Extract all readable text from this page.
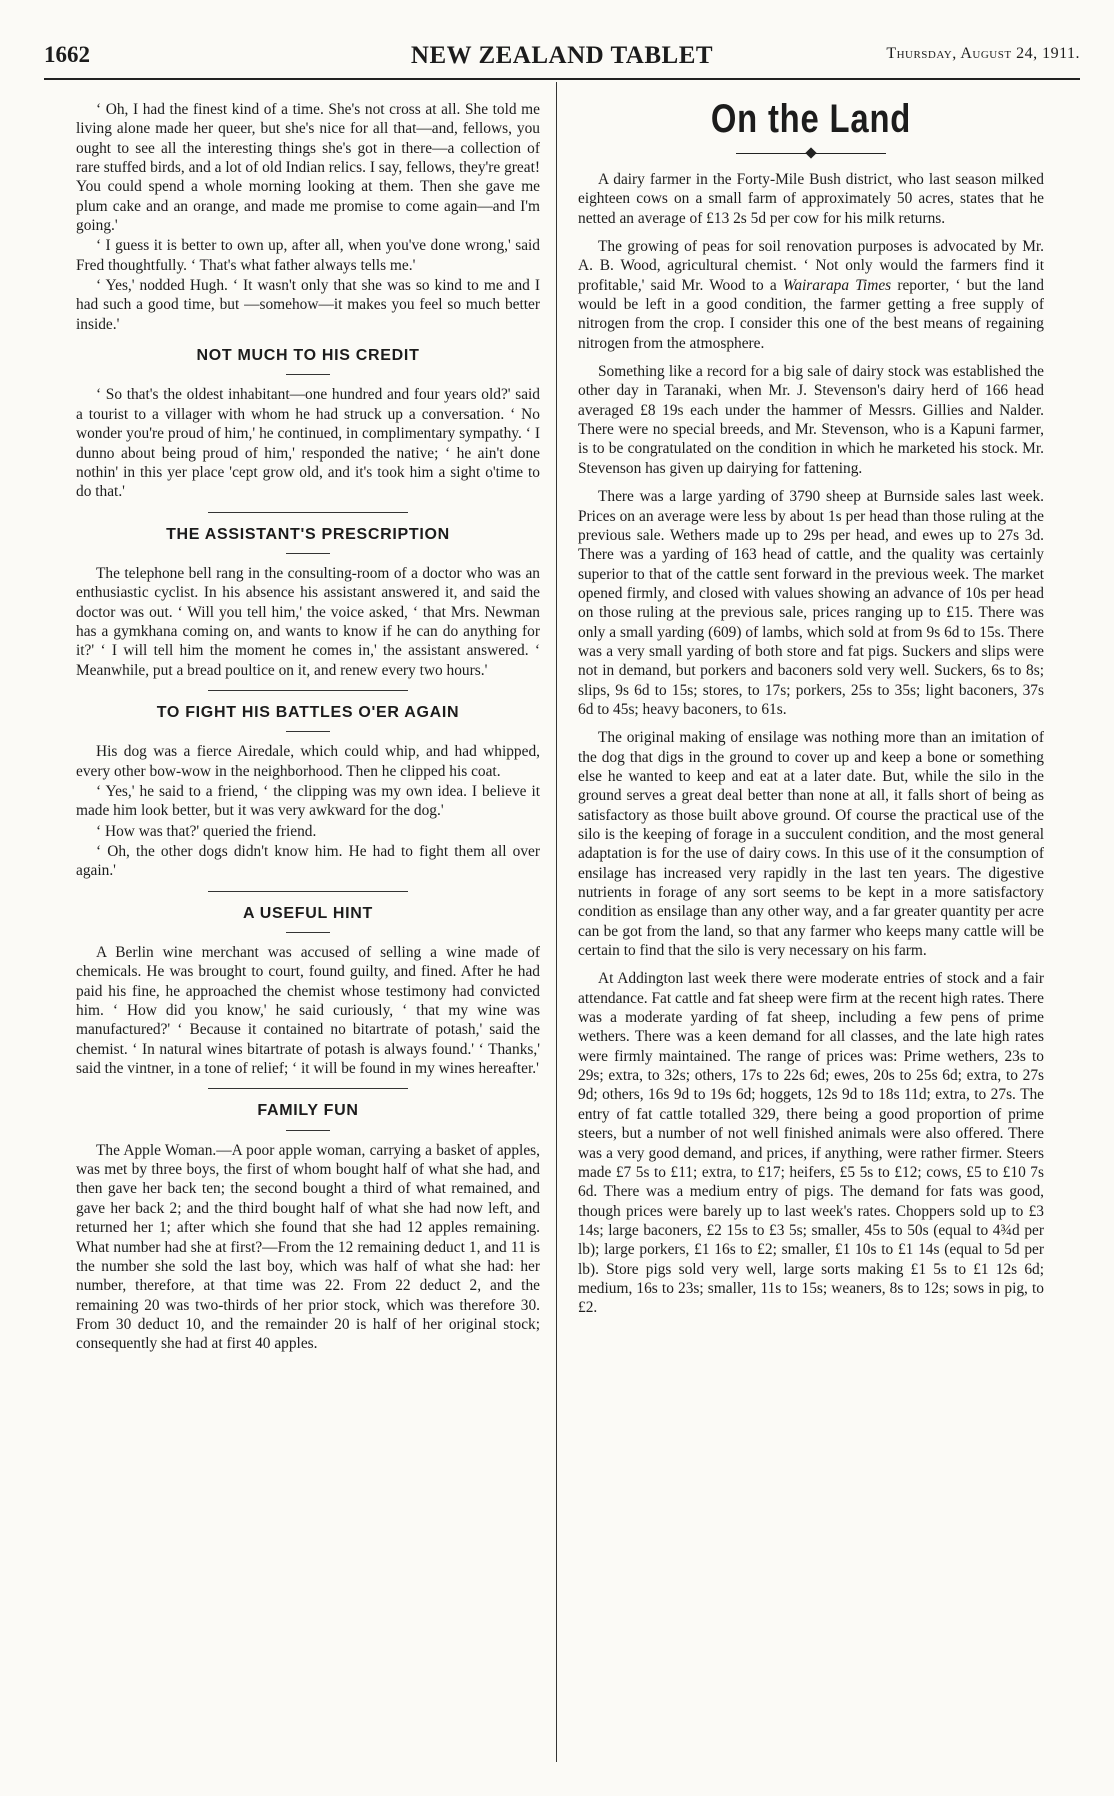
1662	NEW ZEALAND TABLET	Thursday, August 24, 1911.

‘ Oh, I had the finest kind of a time. She's not cross at all. She told me living alone made her queer, but she's nice for all that—and, fellows, you ought to see all the interesting things she's got in there—a collection of rare stuffed birds, and a lot of old Indian relics. I say, fellows, they're great! You could spend a whole morning looking at them. Then she gave me plum cake and an orange, and made me promise to come again—and I'm going.'

‘ I guess it is better to own up, after all, when you've done wrong,' said Fred thoughtfully. ‘ That's what father always tells me.'

‘ Yes,' nodded Hugh. ‘ It wasn't only that she was so kind to me and I had such a good time, but —somehow—it makes you feel so much better inside.'

NOT MUCH TO HIS CREDIT

‘ So that's the oldest inhabitant—one hundred and four years old?' said a tourist to a villager with whom he had struck up a conversation. ‘ No wonder you're proud of him,' he continued, in complimentary sympathy. ‘ I dunno about being proud of him,' responded the native; ‘ he ain't done nothin' in this yer place 'cept grow old, and it's took him a sight o'time to do that.'

THE ASSISTANT'S PRESCRIPTION

The telephone bell rang in the consulting-room of a doctor who was an enthusiastic cyclist. In his absence his assistant answered it, and said the doctor was out. ‘ Will you tell him,' the voice asked, ‘ that Mrs. Newman has a gymkhana coming on, and wants to know if he can do anything for it?' ‘ I will tell him the moment he comes in,' the assistant answered. ‘ Meanwhile, put a bread poultice on it, and renew every two hours.'

TO FIGHT HIS BATTLES O'ER AGAIN

His dog was a fierce Airedale, which could whip, and had whipped, every other bow-wow in the neighborhood. Then he clipped his coat.

‘ Yes,' he said to a friend, ‘ the clipping was my own idea. I believe it made him look better, but it was very awkward for the dog.'

‘ How was that?' queried the friend.

‘ Oh, the other dogs didn't know him. He had to fight them all over again.'

A USEFUL HINT

A Berlin wine merchant was accused of selling a wine made of chemicals. He was brought to court, found guilty, and fined. After he had paid his fine, he approached the chemist whose testimony had convicted him. ‘ How did you know,' he said curiously, ‘ that my wine was manufactured?' ‘ Because it contained no bitartrate of potash,' said the chemist. ‘ In natural wines bitartrate of potash is always found.' ‘ Thanks,' said the vintner, in a tone of relief; ‘ it will be found in my wines hereafter.'

FAMILY FUN

The Apple Woman.—A poor apple woman, carrying a basket of apples, was met by three boys, the first of whom bought half of what she had, and then gave her back ten; the second bought a third of what remained, and gave her back 2; and the third bought half of what she had now left, and returned her 1; after which she found that she had 12 apples remaining. What number had she at first?—From the 12 remaining deduct 1, and 11 is the number she sold the last boy, which was half of what she had: her number, therefore, at that time was 22. From 22 deduct 2, and the remaining 20 was two-thirds of her prior stock, which was therefore 30. From 30 deduct 10, and the remainder 20 is half of her original stock; consequently she had at first 40 apples.

On the Land

A dairy farmer in the Forty-Mile Bush district, who last season milked eighteen cows on a small farm of approximately 50 acres, states that he netted an average of £13 2s 5d per cow for his milk returns.

The growing of peas for soil renovation purposes is advocated by Mr. A. B. Wood, agricultural chemist. ‘ Not only would the farmers find it profitable,' said Mr. Wood to a Wairarapa Times reporter, ‘ but the land would be left in a good condition, the farmer getting a free supply of nitrogen from the crop. I consider this one of the best means of regaining nitrogen from the atmosphere.

Something like a record for a big sale of dairy stock was established the other day in Taranaki, when Mr. J. Stevenson's dairy herd of 166 head averaged £8 19s each under the hammer of Messrs. Gillies and Nalder. There were no special breeds, and Mr. Stevenson, who is a Kapuni farmer, is to be congratulated on the condition in which he marketed his stock. Mr. Stevenson has given up dairying for fattening.

There was a large yarding of 3790 sheep at Burnside sales last week. Prices on an average were less by about 1s per head than those ruling at the previous sale. Wethers made up to 29s per head, and ewes up to 27s 3d. There was a yarding of 163 head of cattle, and the quality was certainly superior to that of the cattle sent forward in the previous week. The market opened firmly, and closed with values showing an advance of 10s per head on those ruling at the previous sale, prices ranging up to £15. There was only a small yarding (609) of lambs, which sold at from 9s 6d to 15s. There was a very small yarding of both store and fat pigs. Suckers and slips were not in demand, but porkers and baconers sold very well. Suckers, 6s to 8s; slips, 9s 6d to 15s; stores, to 17s; porkers, 25s to 35s; light baconers, 37s 6d to 45s; heavy baconers, to 61s.

The original making of ensilage was nothing more than an imitation of the dog that digs in the ground to cover up and keep a bone or something else he wanted to keep and eat at a later date. But, while the silo in the ground serves a great deal better than none at all, it falls short of being as satisfactory as those built above ground. Of course the practical use of the silo is the keeping of forage in a succulent condition, and the most general adaptation is for the use of dairy cows. In this use of it the consumption of ensilage has increased very rapidly in the last ten years. The digestive nutrients in forage of any sort seems to be kept in a more satisfactory condition as ensilage than any other way, and a far greater quantity per acre can be got from the land, so that any farmer who keeps many cattle will be certain to find that the silo is very necessary on his farm.

At Addington last week there were moderate entries of stock and a fair attendance. Fat cattle and fat sheep were firm at the recent high rates. There was a moderate yarding of fat sheep, including a few pens of prime wethers. There was a keen demand for all classes, and the late high rates were firmly maintained. The range of prices was: Prime wethers, 23s to 29s; extra, to 32s; others, 17s to 22s 6d; ewes, 20s to 25s 6d; extra, to 27s 9d; others, 16s 9d to 19s 6d; hoggets, 12s 9d to 18s 11d; extra, to 27s. The entry of fat cattle totalled 329, there being a good proportion of prime steers, but a number of not well finished animals were also offered. There was a very good demand, and prices, if anything, were rather firmer. Steers made £7 5s to £11; extra, to £17; heifers, £5 5s to £12; cows, £5 to £10 7s 6d. There was a medium entry of pigs. The demand for fats was good, though prices were barely up to last week's rates. Choppers sold up to £3 14s; large baconers, £2 15s to £3 5s; smaller, 45s to 50s (equal to 4¾d per lb); large porkers, £1 16s to £2; smaller, £1 10s to £1 14s (equal to 5d per lb). Store pigs sold very well, large sorts making £1 5s to £1 12s 6d; medium, 16s to 23s; smaller, 11s to 15s; weaners, 8s to 12s; sows in pig, to £2.
